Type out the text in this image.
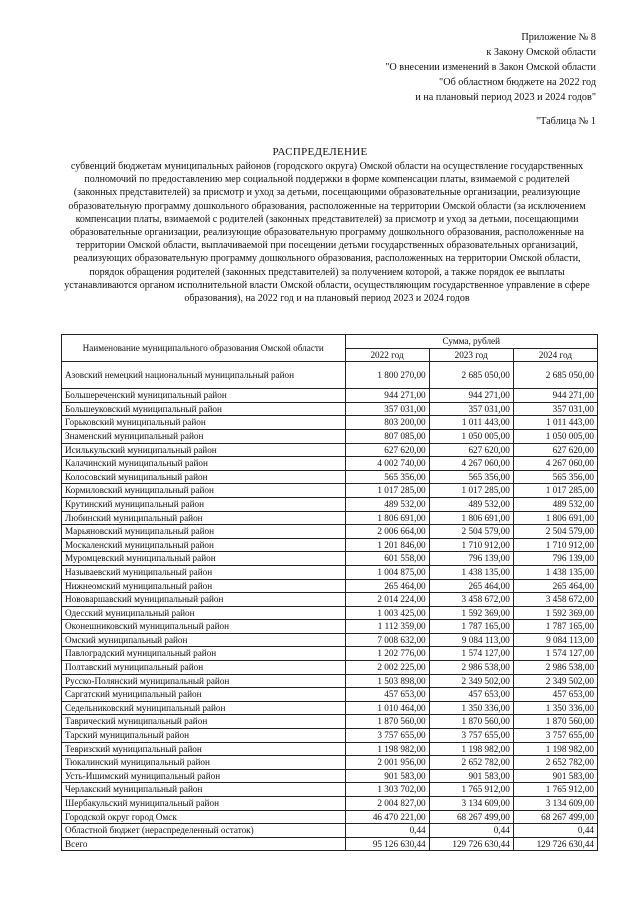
Приложение № 8
к Закону Омской области
"О внесении изменений в Закон Омской области
"Об областном бюджете на 2022 год
и на плановый период 2023 и 2024 годов"
"Таблица № 1
РАСПРЕДЕЛЕНИЕ
субвенций бюджетам муниципальных районов (городского округа) Омской области на осуществление государственных полномочий по предоставлению мер социальной поддержки в форме компенсации платы, взимаемой с родителей (законных представителей) за присмотр и уход за детьми, посещающими образовательные организации, реализующие образовательную программу дошкольного образования, расположенные на территории Омской области (за исключением компенсации платы, взимаемой с родителей (законных представителей) за присмотр и уход за детьми, посещающими образовательные организации, реализующие образовательную программу дошкольного образования, расположенные на территории Омской области, выплачиваемой при посещении детьми государственных образовательных организаций, реализующих образовательную программу дошкольного образования, расположенных на территории Омской области, порядок обращения родителей (законных представителей) за получением которой, а также порядок ее выплаты устанавливаются органом исполнительной власти Омской области, осуществляющим государственное управление в сфере образования), на 2022 год и на плановый период 2023 и 2024 годов
Наименование муниципального образования Омской области	Сумма, рублей		
	2022 год	2023 год	2024 год
Азовский немецкий национальный муниципальный район	1 800 270,00	2 685 050,00	2 685 050,00
Большереченский муниципальный район	944 271,00	944 271,00	944 271,00
Большеуковский муниципальный район	357 031,00	357 031,00	357 031,00
Горьковский муниципальный район	803 200,00	1 011 443,00	1 011 443,00
Знаменский муниципальный район	807 085,00	1 050 005,00	1 050 005,00
Исилькульский муниципальный район	627 620,00	627 620,00	627 620,00
Калачинский муниципальный район	4 002 740,00	4 267 060,00	4 267 060,00
Колосовский муниципальный район	565 356,00	565 356,00	565 356,00
Кормиловский муниципальный район	1 017 285,00	1 017 285,00	1 017 285,00
Крутинский муниципальный район	489 532,00	489 532,00	489 532,00
Любинский муниципальный район	1 806 691,00	1 806 691,00	1 806 691,00
Марьяновский муниципальный район	2 006 664,00	2 504 579,00	2 504 579,00
Москаленский муниципальный район	1 201 846,00	1 710 912,00	1 710 912,00
Муромцевский муниципальный район	601 558,00	796 139,00	796 139,00
Называевский муниципальный район	1 004 875,00	1 438 135,00	1 438 135,00
Нижнеомский муниципальный район	265 464,00	265 464,00	265 464,00
Нововаршавский муниципальный район	2 014 224,00	3 458 672,00	3 458 672,00
Одесский муниципальный район	1 003 425,00	1 592 369,00	1 592 369,00
Оконешниковский муниципальный район	1 112 359,00	1 787 165,00	1 787 165,00
Омский муниципальный район	7 008 632,00	9 084 113,00	9 084 113,00
Павлоградский муниципальный район	1 202 776,00	1 574 127,00	1 574 127,00
Полтавский муниципальный район	2 002 225,00	2 986 538,00	2 986 538,00
Русско-Полянский муниципальный район	1 503 898,00	2 349 502,00	2 349 502,00
Саргатский муниципальный район	457 653,00	457 653,00	457 653,00
Седельниковский муниципальный район	1 010 464,00	1 350 336,00	1 350 336,00
Таврический муниципальный район	1 870 560,00	1 870 560,00	1 870 560,00
Тарский муниципальный район	3 757 655,00	3 757 655,00	3 757 655,00
Тевризский муниципальный район	1 198 982,00	1 198 982,00	1 198 982,00
Тюкалинский муниципальный район	2 001 956,00	2 652 782,00	2 652 782,00
Усть-Ишимский муниципальный район	901 583,00	901 583,00	901 583,00
Черлакский муниципальный район	1 303 702,00	1 765 912,00	1 765 912,00
Шербакульский муниципальный район	2 004 827,00	3 134 609,00	3 134 609,00
Городской округ город Омск	46 470 221,00	68 267 499,00	68 267 499,00
Областной бюджет (нераспределенный остаток)	0,44	0,44	0,44
Всего	95 126 630,44	129 726 630,44	129 726 630,44
